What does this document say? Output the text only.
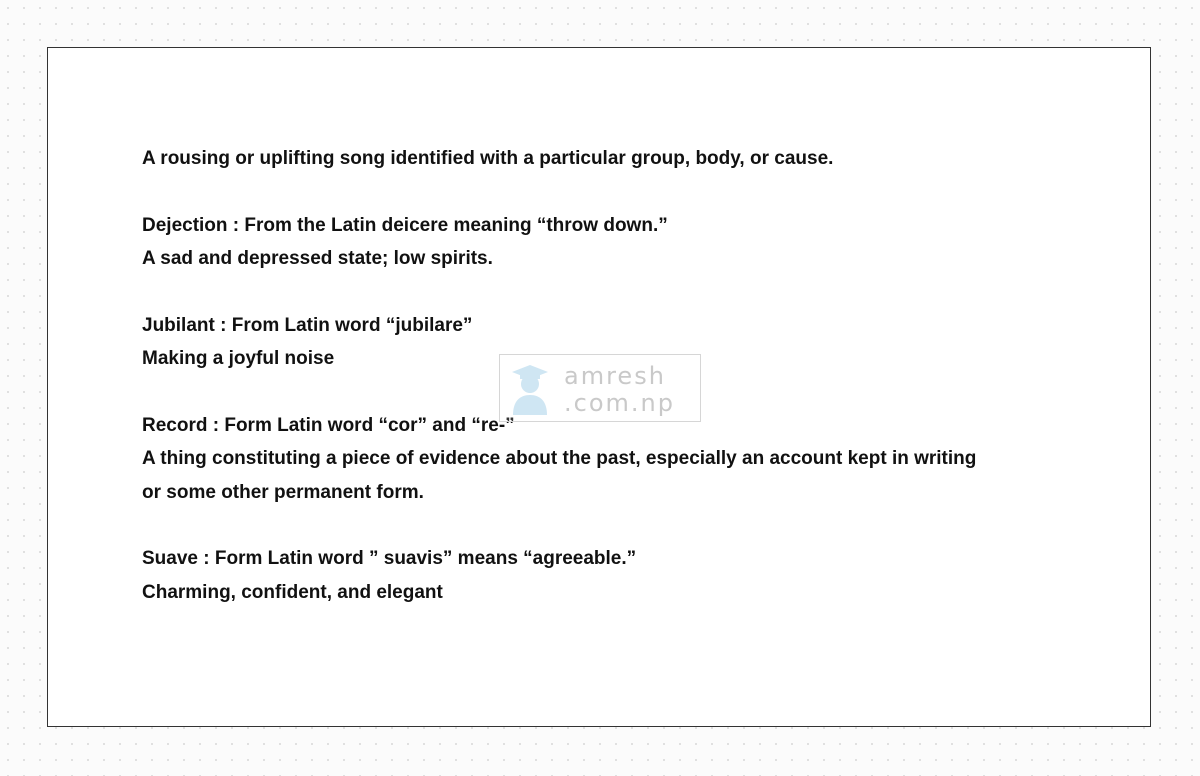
A rousing or uplifting song identified with a particular group, body, or cause.
Dejection : From the Latin deicere meaning “throw down.”
A sad and depressed state; low spirits.
Jubilant : From Latin word “jubilare”
Making a joyful noise
Record : Form Latin word “cor” and “re-”
A thing constituting a piece of evidence about the past, especially an account kept in writing
or some other permanent form.
Suave : Form Latin word ” suavis” means “agreeable.”
Charming, confident, and elegant
amresh
.com.np
